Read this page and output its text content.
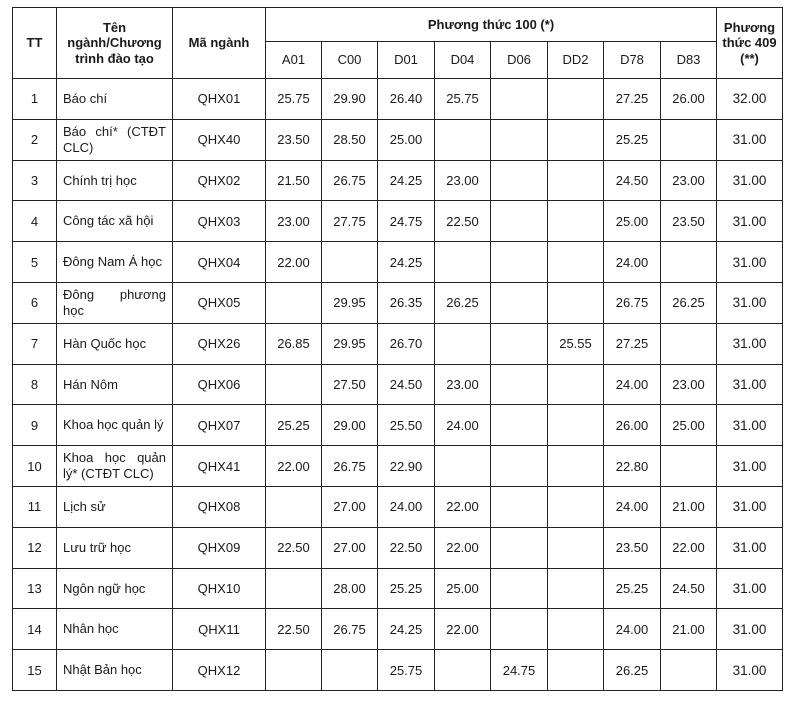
TT	Tên ngành/Chương trình đào tạo	Mã ngành	Phương thức 100 (*)								Phương thức 409 (**)
			A01	C00	D01	D04	D06	DD2	D78	D83	
1	Báo chí	QHX01	25.75	29.90	26.40	25.75			27.25	26.00	32.00
2	Báo chí* (CTĐT CLC)	QHX40	23.50	28.50	25.00				25.25		31.00
3	Chính trị học	QHX02	21.50	26.75	24.25	23.00			24.50	23.00	31.00
4	Công tác xã hội	QHX03	23.00	27.75	24.75	22.50			25.00	23.50	31.00
5	Đông Nam Á học	QHX04	22.00		24.25				24.00		31.00
6	Đông phương học	QHX05		29.95	26.35	26.25			26.75	26.25	31.00
7	Hàn Quốc học	QHX26	26.85	29.95	26.70			25.55	27.25		31.00
8	Hán Nôm	QHX06		27.50	24.50	23.00			24.00	23.00	31.00
9	Khoa học quản lý	QHX07	25.25	29.00	25.50	24.00			26.00	25.00	31.00
10	Khoa học quản lý* (CTĐT CLC)	QHX41	22.00	26.75	22.90				22.80		31.00
11	Lịch sử	QHX08		27.00	24.00	22.00			24.00	21.00	31.00
12	Lưu trữ học	QHX09	22.50	27.00	22.50	22.00			23.50	22.00	31.00
13	Ngôn ngữ học	QHX10		28.00	25.25	25.00			25.25	24.50	31.00
14	Nhân học	QHX11	22.50	26.75	24.25	22.00			24.00	21.00	31.00
15	Nhật Bản học	QHX12			25.75		24.75		26.25		31.00
